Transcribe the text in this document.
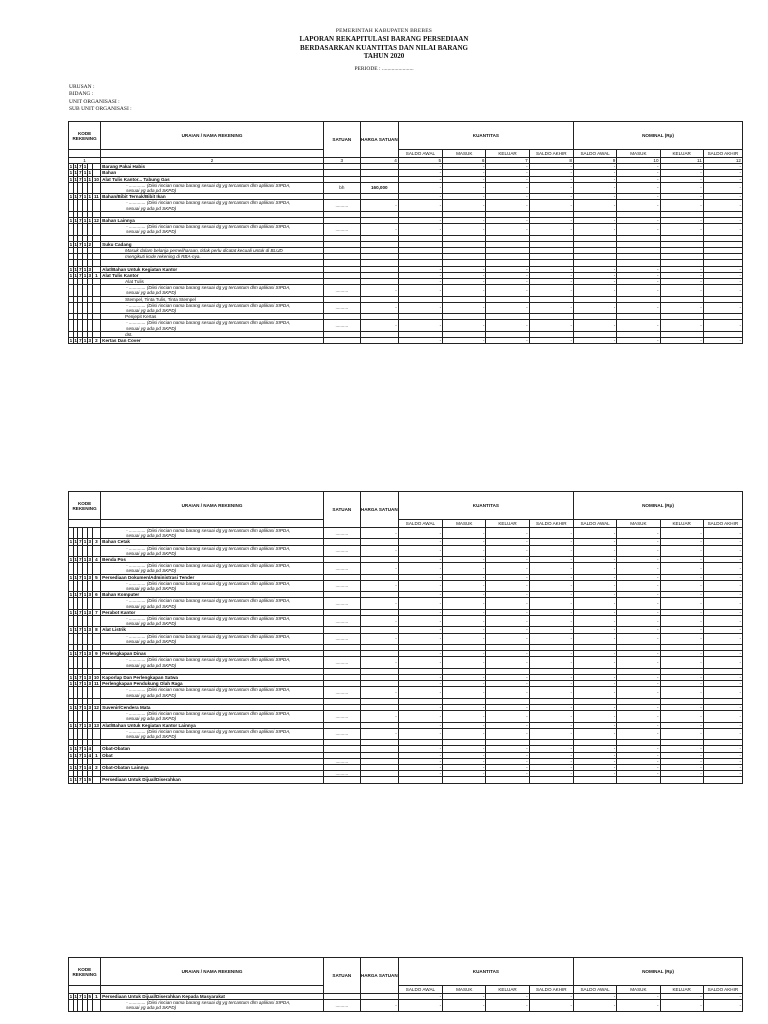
PEMERINTAH KABUPATEN BREBES
LAPORAN REKAPITULASI BARANG PERSEDIAAN
BERDASARKAN KUANTITAS DAN NILAI BARANG
TAHUN 2020
PERIODE : .......................
URUSAN :
BIDANG :
UNIT ORGANISASI :
SUB UNIT ORGANISASI :
KODE REKENING						URAIAN / NAMA REKENING	SATUAN	HARGA SATUAN	KUANTITAS				NOMINAL (Rp)			
									SALDO AWAL	MASUK	KELUAR	SALDO AKHIR	SALDO AWAL	MASUK	KELUAR	SALDO AKHIR
1						2	3	4	5	6	7	8	9	10	11	12
1	1	7	1			Barang Pakai Habis			-	-	-	-	-	-	-	-
1	1	7	1	1		Bahan			-	-	-	-	-	-	-	-
1	1	7	1	1	10	Alat Tulis Kantor... Tabung Gas			-	-	-	-	-	-	-	-

						- ............. (Diisi rincian nama barang sesuai dg yg tercantum dlm aplikasi SIPDA,
sesuai yg ada pd SKPD)	bh	160,000	-	-	-	-	-	-	-	-
1	1	7	1	1	11	Bahan/Bibit Ternak/Bibit Ikan			-	-	-	-	-	-	-	-

						- ............. (Diisi rincian nama barang sesuai dg yg tercantum dlm aplikasi SIPDA,
sesuai yg ada pd SKPD)	..........	-	-	-	-	-	-	-	-	-

1	1	7	1	1	12	Bahan Lainnya			-	-	-	-	-	-	-	-

						- ............. (Diisi rincian nama barang sesuai dg yg tercantum dlm aplikasi SIPDA,
sesuai yg ada pd SKPD)	..........	-	-	-	-	-	-	-	-	-

1	1	7	1	2		Suku Cadang										
						Masuk dalam belanja pemeliharaan, tidak perlu dicatat kecuali untuk di BLUD										
						mengikuti kode rekening di RBA-nya.										

1	1	7	1	3		Alat/Bahan Untuk Kegiatan Kantor			-	-	-	-	-	-	-	-
1	1	7	1	3	1	Alat Tulis Kantor			-	-	-	-	-	-	-	-
						Alat Tulis			-	-	-	-	-	-	-	-

						- ............. (Diisi rincian nama barang sesuai dg yg tercantum dlm aplikasi SIPDA,
sesuai yg ada pd SKPD)	..........	-	-	-	-	-	-	-	-	-
						Stempel, Tinta Tulis, Tinta Stempel										

						- ............. (Diisi rincian nama barang sesuai dg yg tercantum dlm aplikasi SIPDA,
sesuai yg ada pd SKPD)	..........	-	-	-	-	-	-	-	-	-
						Penjepit Kertas										

						- ............. (Diisi rincian nama barang sesuai dg yg tercantum dlm aplikasi SIPDA,
sesuai yg ada pd SKPD)	..........	-	-	-	-	-	-	-	-	-
						dst.										
1	1	7	1	3	2	Kertas Dan Cover			-	-	-	-	-	-	-	-
KODE REKENING						URAIAN / NAMA REKENING	SATUAN	HARGA SATUAN	KUANTITAS				NOMINAL (Rp)			
									SALDO AWAL	MASUK	KELUAR	SALDO AKHIR	SALDO AWAL	MASUK	KELUAR	SALDO AKHIR

						- ............. (Diisi rincian nama barang sesuai dg yg tercantum dlm aplikasi SIPDA,
sesuai yg ada pd SKPD)	..........	-	-	-	-	-	-	-	-	-
1	1	7	1	3	3	Bahan Cetak			-	-	-	-	-	-	-	-

						- ............. (Diisi rincian nama barang sesuai dg yg tercantum dlm aplikasi SIPDA,
sesuai yg ada pd SKPD)	..........	-	-	-	-	-	-	-	-	-
1	1	7	1	3	4	Benda Pos			-	-	-	-	-	-	-	-

						- ............. (Diisi rincian nama barang sesuai dg yg tercantum dlm aplikasi SIPDA,
sesuai yg ada pd SKPD)	..........	-	-	-	-	-	-	-	-	-
1	1	7	1	3	5	Persediaan Dokumen/Administrasi Tender			-	-	-	-	-	-	-	-

						- ............. (Diisi rincian nama barang sesuai dg yg tercantum dlm aplikasi SIPDA,
sesuai yg ada pd SKPD)	..........	-	-	-	-	-	-	-	-	-
1	1	7	1	3	6	Bahan Komputer			-	-	-	-	-	-	-	-

						- ............. (Diisi rincian nama barang sesuai dg yg tercantum dlm aplikasi SIPDA,
sesuai yg ada pd SKPD)	..........	-	-	-	-	-	-	-	-	-
1	1	7	1	3	7	Perabot Kantor			-	-	-	-	-	-	-	-

						- ............. (Diisi rincian nama barang sesuai dg yg tercantum dlm aplikasi SIPDA,
sesuai yg ada pd SKPD)	..........	-	-	-	-	-	-	-	-	-
1	1	7	1	3	8	Alat Listrik			-	-	-	-	-	-	-	-

						- ............. (Diisi rincian nama barang sesuai dg yg tercantum dlm aplikasi SIPDA,
sesuai yg ada pd SKPD)	..........	-	-	-	-	-	-	-	-	-

1	1	7	1	3	9	Perlengkapan Dinas			-	-	-	-	-	-	-	-

						- ............. (Diisi rincian nama barang sesuai dg yg tercantum dlm aplikasi SIPDA,
sesuai yg ada pd SKPD)	..........	-	-	-	-	-	-	-	-	-

1	1	7	1	3	10	Kaporlap Dan Perlengkapan Satwa			-	-	-	-	-	-	-	-
1	1	7	1	3	11	Perlengkapan Pendukung Olah Raga			-	-	-	-	-	-	-	-

						- ............. (Diisi rincian nama barang sesuai dg yg tercantum dlm aplikasi SIPDA,
sesuai yg ada pd SKPD)	..........	-	-	-	-	-	-	-	-	-

1	1	7	1	3	12	Suvenir/Cendera Mata			-	-	-	-	-	-	-	-

						- ............. (Diisi rincian nama barang sesuai dg yg tercantum dlm aplikasi SIPDA,
sesuai yg ada pd SKPD)	..........	-	-	-	-	-	-	-	-	-
1	1	7	1	3	13	Alat/Bahan Untuk Kegiatan Kantor Lainnya			-	-	-	-	-	-	-	-

						- ............. (Diisi rincian nama barang sesuai dg yg tercantum dlm aplikasi SIPDA,
sesuai yg ada pd SKPD)	..........	-	-	-	-	-	-	-	-	-

1	1	7	1	4		Obat-Obatan			-	-	-	-	-	-	-	-
1	1	7	1	4	1	Obat			-	-	-	-	-	-	-	-
							..........		-	-	-	-	-	-	-	-
1	1	7	1	4	2	Obat-Obatan Lainnya			-	-	-	-	-	-	-	-
							..........		-	-	-	-	-	-	-	-
1	1	7	1	5		Persediaan Untuk Dijual/Diserahkan										
KODE REKENING						URAIAN / NAMA REKENING	SATUAN	HARGA SATUAN	KUANTITAS				NOMINAL (Rp)			
									SALDO AWAL	MASUK	KELUAR	SALDO AKHIR	SALDO AWAL	MASUK	KELUAR	SALDO AKHIR
1	1	7	1	5	1	Persediaan Untuk Dijual/Diserahkan Kepada Masyarakat			-	-	-	-	-	-	-	-

						- ............. (Diisi rincian nama barang sesuai dg yg tercantum dlm aplikasi SIPDA,
sesuai yg ada pd SKPD)	..........	-	-	-	-	-	-	-	-	-
